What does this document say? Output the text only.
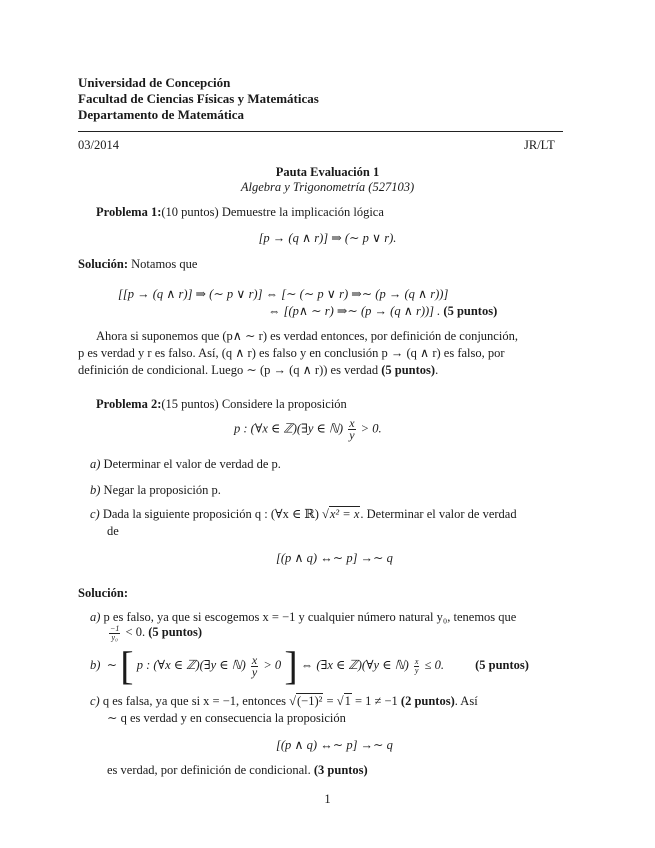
Universidad de Concepción
Facultad de Ciencias Físicas y Matemáticas
Departamento de Matemática
03/2014	JR/LT
Pauta Evaluación 1
Algebra y Trigonometría (527103)
Problema 1:(10 puntos) Demuestre la implicación lógica
[p → (q ∧ r)] ⇒ (∼ p ∨ r).
Solución: Notamos que
[[p → (q ∧ r)] ⇒ (∼ p ∨ r)] ⇔ [∼ (∼ p ∨ r) ⇒∼ (p → (q ∧ r))]
⇔ [(p∧ ∼ r) ⇒∼ (p → (q ∧ r))] . (5 puntos)
Ahora si suponemos que (p∧ ∼ r) es verdad entonces, por definición de conjunción,
p es verdad y r es falso. Así, (q ∧ r) es falso y en conclusión p → (q ∧ r) es falso, por
definición de condicional. Luego ∼ (p → (q ∧ r)) es verdad (5 puntos).
Problema 2:(15 puntos) Considere la proposición
p : (∀x ∈ ℤ)(∃y ∈ ℕ) $\frac{x}{y} > 0$.
a) Determinar el valor de verdad de p.
b) Negar la proposición p.
c) Dada la siguiente proposición q : (∀x ∈ ℝ) √x² = x. Determinar el valor de verdad
de
[(p ∧ q) ↔∼ p] →∼ q
Solución:
a) p es falso, ya que si escogemos x = −1 y cualquier número natural y₀, tenemos que
$\frac{-1}{\text{y₀}} < 0$. (5 puntos)
b) ∼ [ p : (∀x ∈ ℤ)(∃y ∈ ℕ) $\frac{x}{y} > 0$ ] ⇔ (∃x ∈ ℤ)(∀y ∈ ℕ) $\frac{x}{y} \le 0$. (5 puntos)
c) q es falsa, ya que si x = −1, entonces √(−1)² = √1 = 1 ≠ −1 (2 puntos). Así
∼ q es verdad y en consecuencia la proposición
[(p ∧ q) ↔∼ p] →∼ q
es verdad, por definición de condicional. (3 puntos)
1
